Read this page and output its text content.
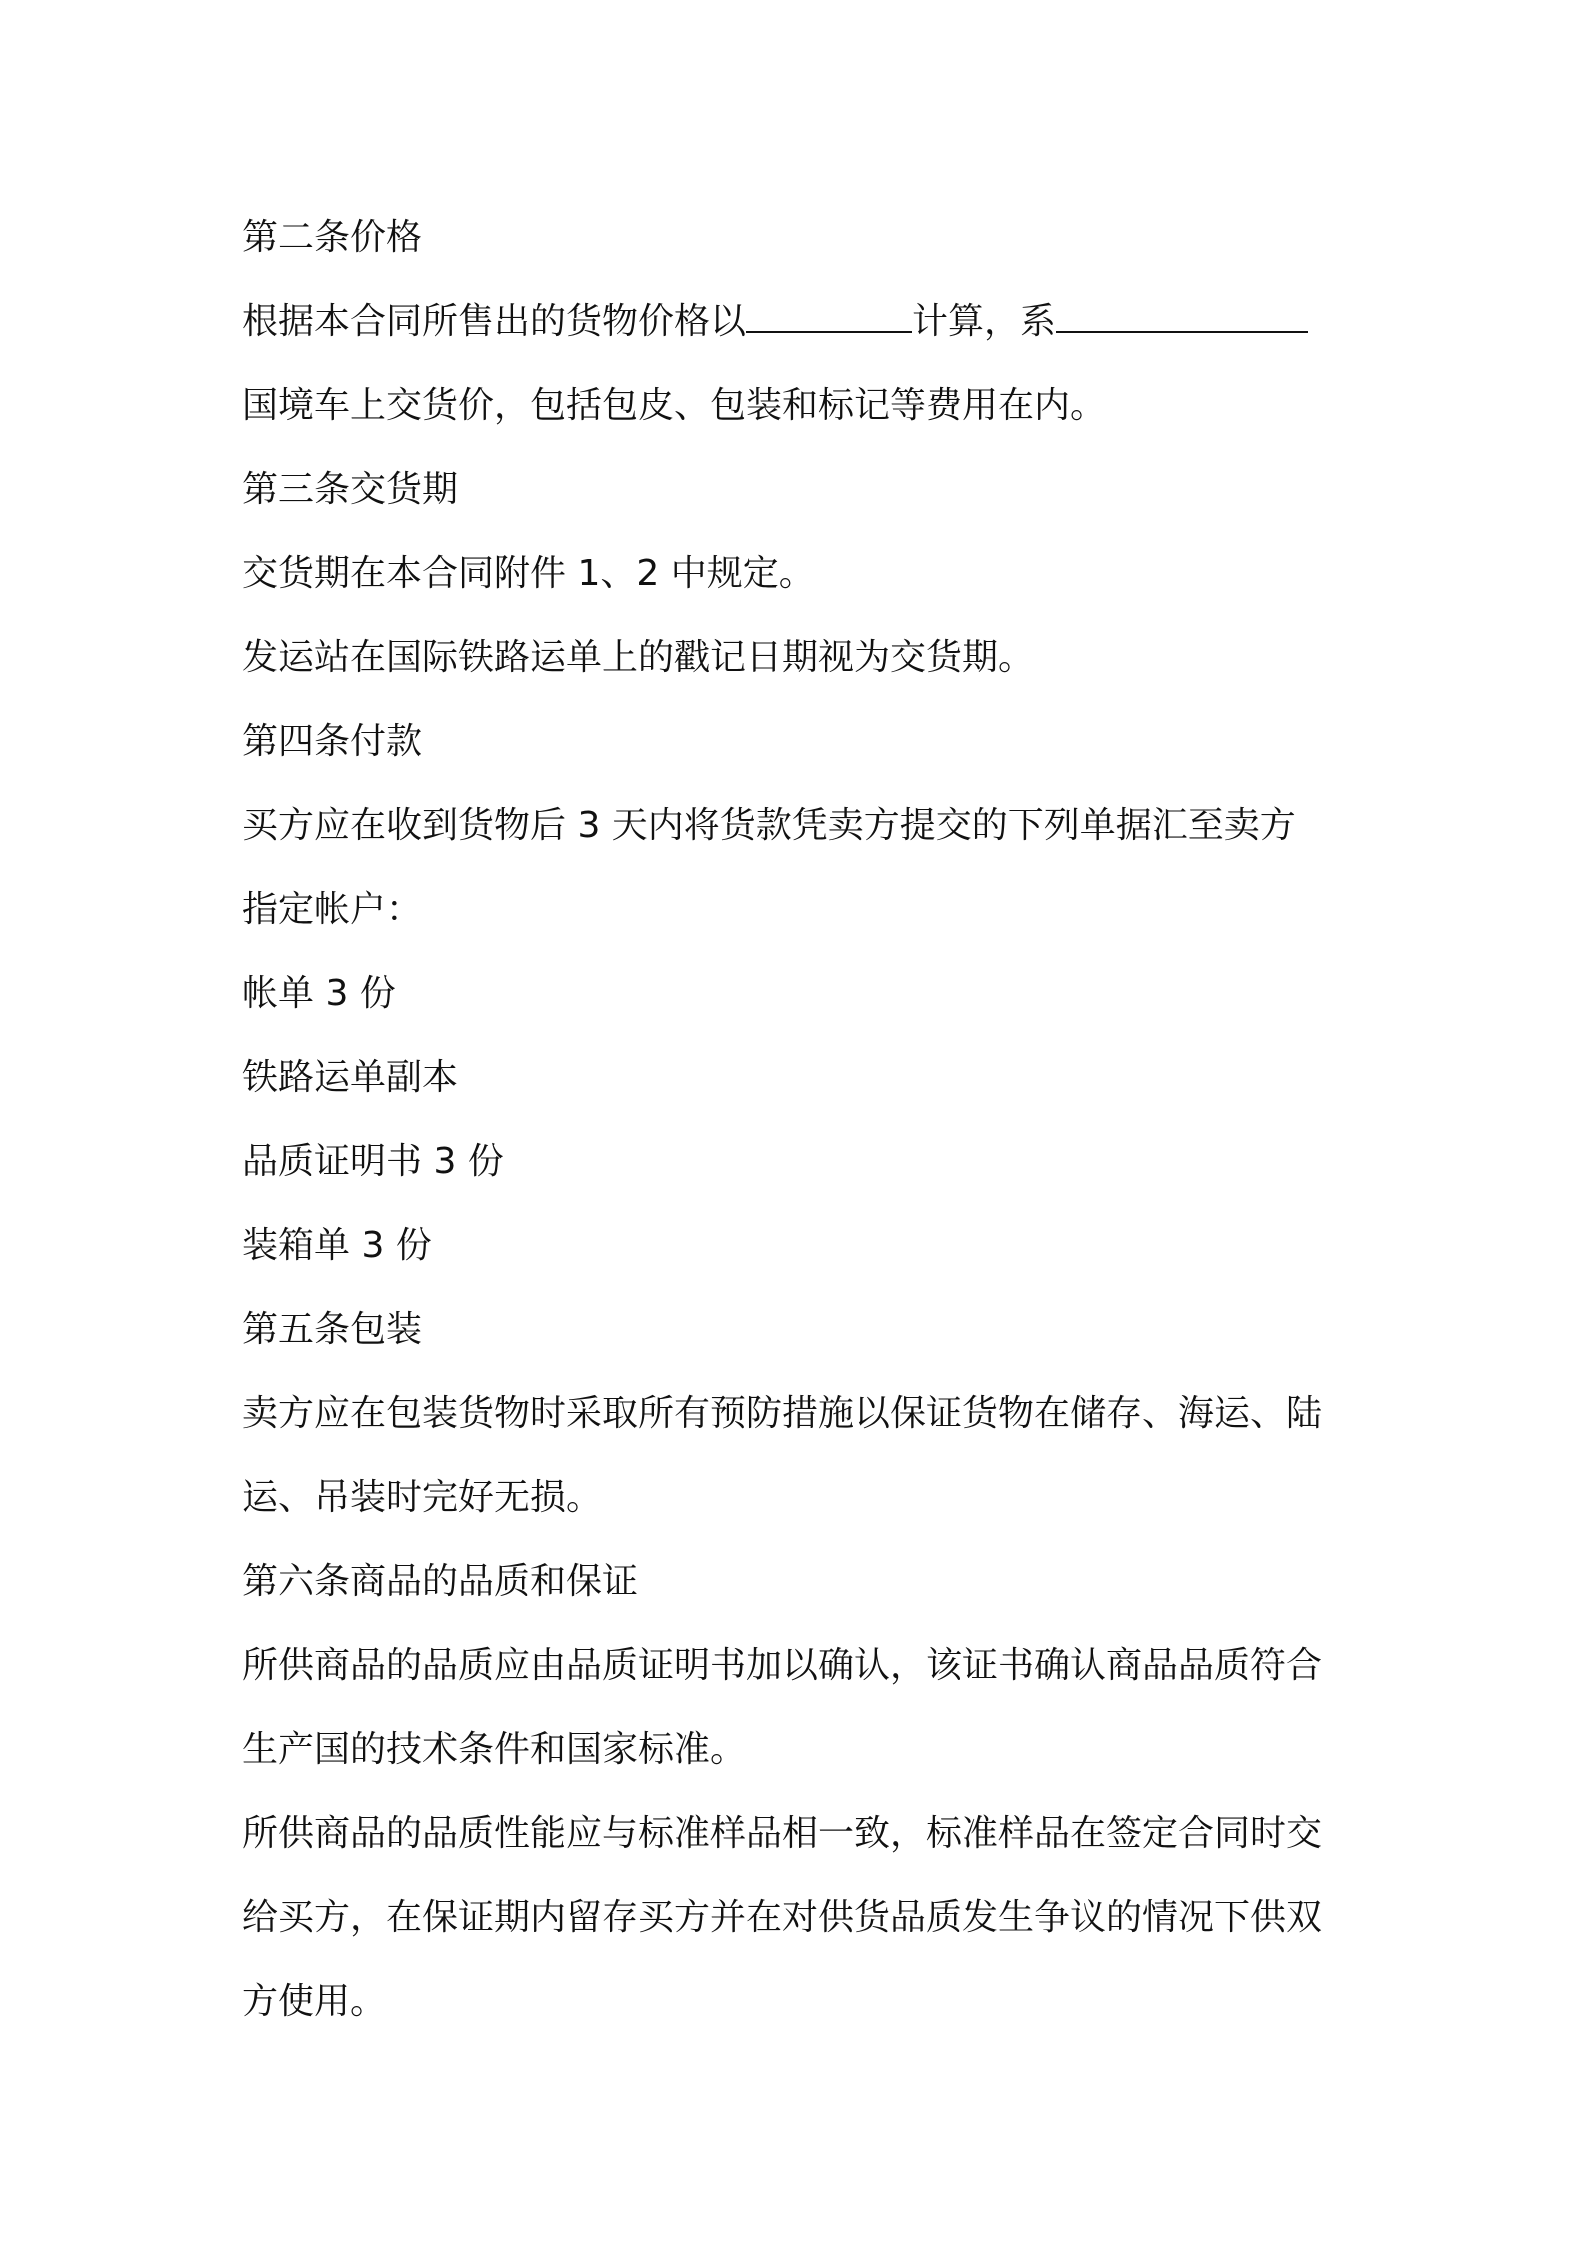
第二条价格
根据本合同所售出的货物价格以	计算，系
国境车上交货价，包括包皮、包装和标记等费用在内。
第三条交货期
交货期在本合同附件 1、2 中规定。
发运站在国际铁路运单上的戳记日期视为交货期。
第四条付款
买方应在收到货物后 3 天内将货款凭卖方提交的下列单据汇至卖方
指定帐户：
帐单 3 份
铁路运单副本
品质证明书 3 份
装箱单 3 份
第五条包装
卖方应在包装货物时采取所有预防措施以保证货物在储存、海运、陆
运、吊装时完好无损。
第六条商品的品质和保证
所供商品的品质应由品质证明书加以确认，该证书确认商品品质符合
生产国的技术条件和国家标准。
所供商品的品质性能应与标准样品相一致，标准样品在签定合同时交
给买方，在保证期内留存买方并在对供货品质发生争议的情况下供双
方使用。
